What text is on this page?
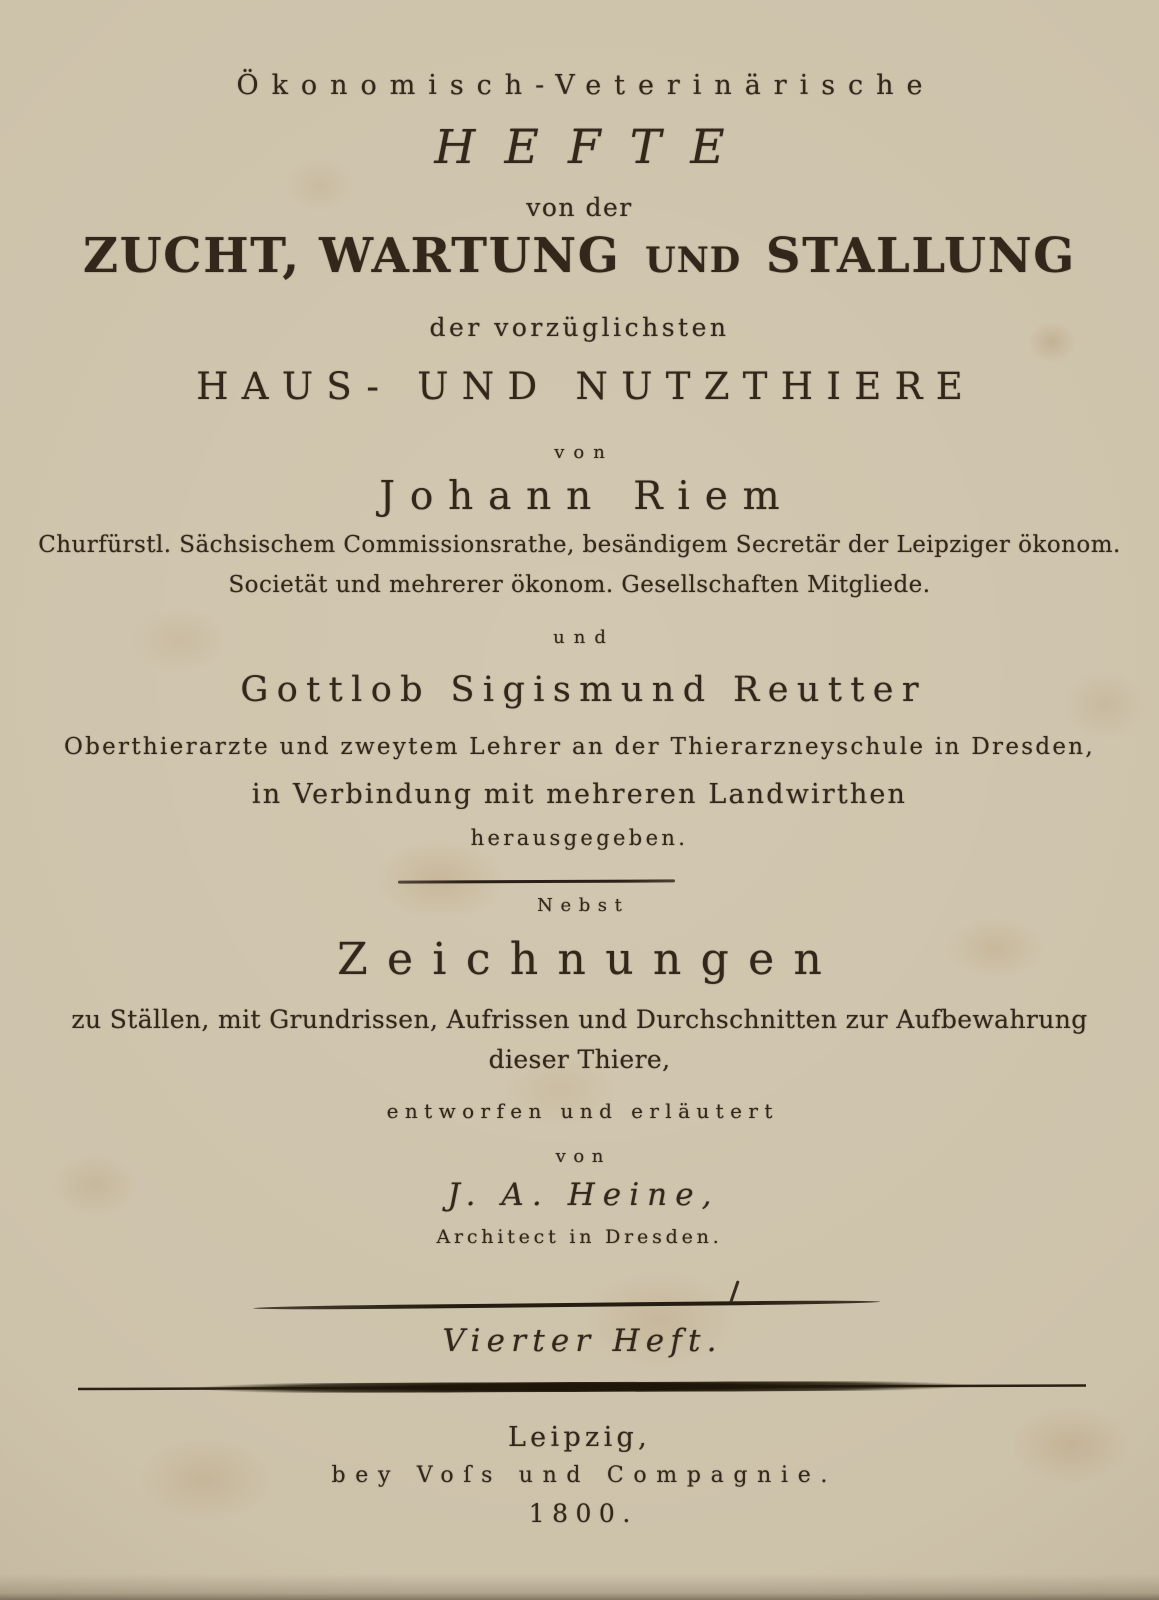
Ökonomisch-Veterinärische
HEFTE
von der
ZUCHT, WARTUNG UND STALLUNG
der vorzüglichsten
HAUS- UND NUTZTHIERE
von
Johann Riem
Churfürstl. Sächsischem Commissionsrathe, besändigem Secretär der Leipziger ökonom.
Societät und mehrerer ökonom. Gesellschaften Mitgliede.
und
Gottlob Sigismund Reutter
Oberthierarzte und zweytem Lehrer an der Thierarzneyschule in Dresden,
in Verbindung mit mehreren Landwirthen
herausgegeben.
Nebst
Zeichnungen
zu Ställen, mit Grundrissen, Aufrissen und Durchschnitten zur Aufbewahrung
dieser Thiere,
entworfen und erläutert
von
J. A. Heine,
Architect in Dresden.
Vierter Heft.
Leipzig,
bey Voſs und Compagnie.
1800.
